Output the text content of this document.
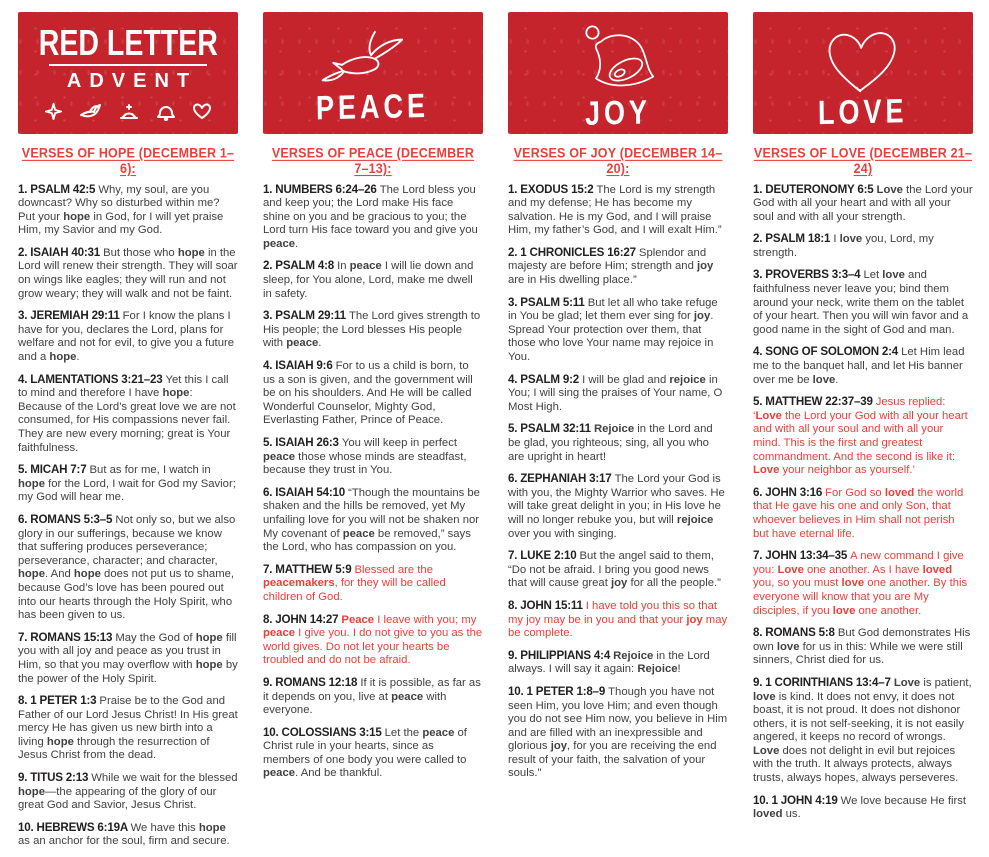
RED LETTER
ADVENT
VERSES OF HOPE (DECEMBER 1–6):

1. PSALM 42:5 Why, my soul, are you downcast? Why so disturbed within me? Put your hope in God, for I will yet praise Him, my Savior and my God.

2. ISAIAH 40:31 But those who hope in the Lord will renew their strength. They will soar on wings like eagles; they will run and not grow weary; they will walk and not be faint.

3. JEREMIAH 29:11 For I know the plans I have for you, declares the Lord, plans for welfare and not for evil, to give you a future and a hope.

4. LAMENTATIONS 3:21–23 Yet this I call to mind and therefore I have hope: Because of the Lord’s great love we are not consumed, for His compassions never fail. They are new every morning; great is Your faithfulness.

5. MICAH 7:7 But as for me, I watch in hope for the Lord, I wait for God my Savior; my God will hear me.

6. ROMANS 5:3–5 Not only so, but we also glory in our sufferings, because we know that suffering produces perseverance; perseverance, character; and character, hope. And hope does not put us to shame, because God’s love has been poured out into our hearts through the Holy Spirit, who has been given to us.

7. ROMANS 15:13 May the God of hope fill you with all joy and peace as you trust in Him, so that you may overflow with hope by the power of the Holy Spirit.

8. 1 PETER 1:3 Praise be to the God and Father of our Lord Jesus Christ! In His great mercy He has given us new birth into a living hope through the resurrection of Jesus Christ from the dead.

9. TITUS 2:13 While we wait for the blessed hope—the appearing of the glory of our great God and Savior, Jesus Christ.

10. HEBREWS 6:19A We have this hope as an anchor for the soul, firm and secure.

PEACE
VERSES OF PEACE (DECEMBER 7–13):

1. NUMBERS 6:24–26 The Lord bless you and keep you; the Lord make His face shine on you and be gracious to you; the Lord turn His face toward you and give you peace.

2. PSALM 4:8 In peace I will lie down and sleep, for You alone, Lord, make me dwell in safety.

3. PSALM 29:11 The Lord gives strength to His people; the Lord blesses His people with peace.

4. ISAIAH 9:6 For to us a child is born, to us a son is given, and the government will be on his shoulders. And He will be called Wonderful Counselor, Mighty God, Everlasting Father, Prince of Peace.

5. ISAIAH 26:3 You will keep in perfect peace those whose minds are steadfast, because they trust in You.

6. ISAIAH 54:10 “Though the mountains be shaken and the hills be removed, yet My unfailing love for you will not be shaken nor My covenant of peace be removed,” says the Lord, who has compassion on you.

7. MATTHEW 5:9 Blessed are the peacemakers, for they will be called children of God.

8. JOHN 14:27 Peace I leave with you; my peace I give you. I do not give to you as the world gives. Do not let your hearts be troubled and do not be afraid.

9. ROMANS 12:18 If it is possible, as far as it depends on you, live at peace with everyone.

10. COLOSSIANS 3:15 Let the peace of Christ rule in your hearts, since as members of one body you were called to peace. And be thankful.

JOY
VERSES OF JOY (DECEMBER 14–20):

1. EXODUS 15:2 The Lord is my strength and my defense; He has become my salvation. He is my God, and I will praise Him, my father’s God, and I will exalt Him.”

2. 1 CHRONICLES 16:27 Splendor and majesty are before Him; strength and joy are in His dwelling place.”

3. PSALM 5:11 But let all who take refuge in You be glad; let them ever sing for joy. Spread Your protection over them, that those who love Your name may rejoice in You.

4. PSALM 9:2 I will be glad and rejoice in You; I will sing the praises of Your name, O Most High.

5. PSALM 32:11 Rejoice in the Lord and be glad, you righteous; sing, all you who are upright in heart!

6. ZEPHANIAH 3:17 The Lord your God is with you, the Mighty Warrior who saves. He will take great delight in you; in His love he will no longer rebuke you, but will rejoice over you with singing.

7. LUKE 2:10 But the angel said to them, “Do not be afraid. I bring you good news that will cause great joy for all the people.”

8. JOHN 15:11 I have told you this so that my joy may be in you and that your joy may be complete.

9. PHILIPPIANS 4:4 Rejoice in the Lord always. I will say it again: Rejoice!

10. 1 PETER 1:8–9 Though you have not seen Him, you love Him; and even though you do not see Him now, you believe in Him and are filled with an inexpressible and glorious joy, for you are receiving the end result of your faith, the salvation of your souls."

LOVE
VERSES OF LOVE (DECEMBER 21–24)

1. DEUTERONOMY 6:5 Love the Lord your God with all your heart and with all your soul and with all your strength.

2. PSALM 18:1 I love you, Lord, my strength.

3. PROVERBS 3:3–4 Let love and faithfulness never leave you; bind them around your neck, write them on the tablet of your heart. Then you will win favor and a good name in the sight of God and man.

4. SONG OF SOLOMON 2:4 Let Him lead me to the banquet hall, and let His banner over me be love.

5. MATTHEW 22:37–39 Jesus replied: ‘Love the Lord your God with all your heart and with all your soul and with all your mind. This is the first and greatest commandment. And the second is like it: Love your neighbor as yourself.’

6. JOHN 3:16 For God so loved the world that He gave his one and only Son, that whoever believes in Him shall not perish but have eternal life.

7. JOHN 13:34–35 A new command I give you: Love one another. As I have loved you, so you must love one another. By this everyone will know that you are My disciples, if you love one another.

8. ROMANS 5:8 But God demonstrates His own love for us in this: While we were still sinners, Christ died for us.

9. 1 CORINTHIANS 13:4–7 Love is patient, love is kind. It does not envy, it does not boast, it is not proud. It does not dishonor others, it is not self-seeking, it is not easily angered, it keeps no record of wrongs. Love does not delight in evil but rejoices with the truth. It always protects, always trusts, always hopes, always perseveres.

10. 1 JOHN 4:19 We love because He first loved us.
